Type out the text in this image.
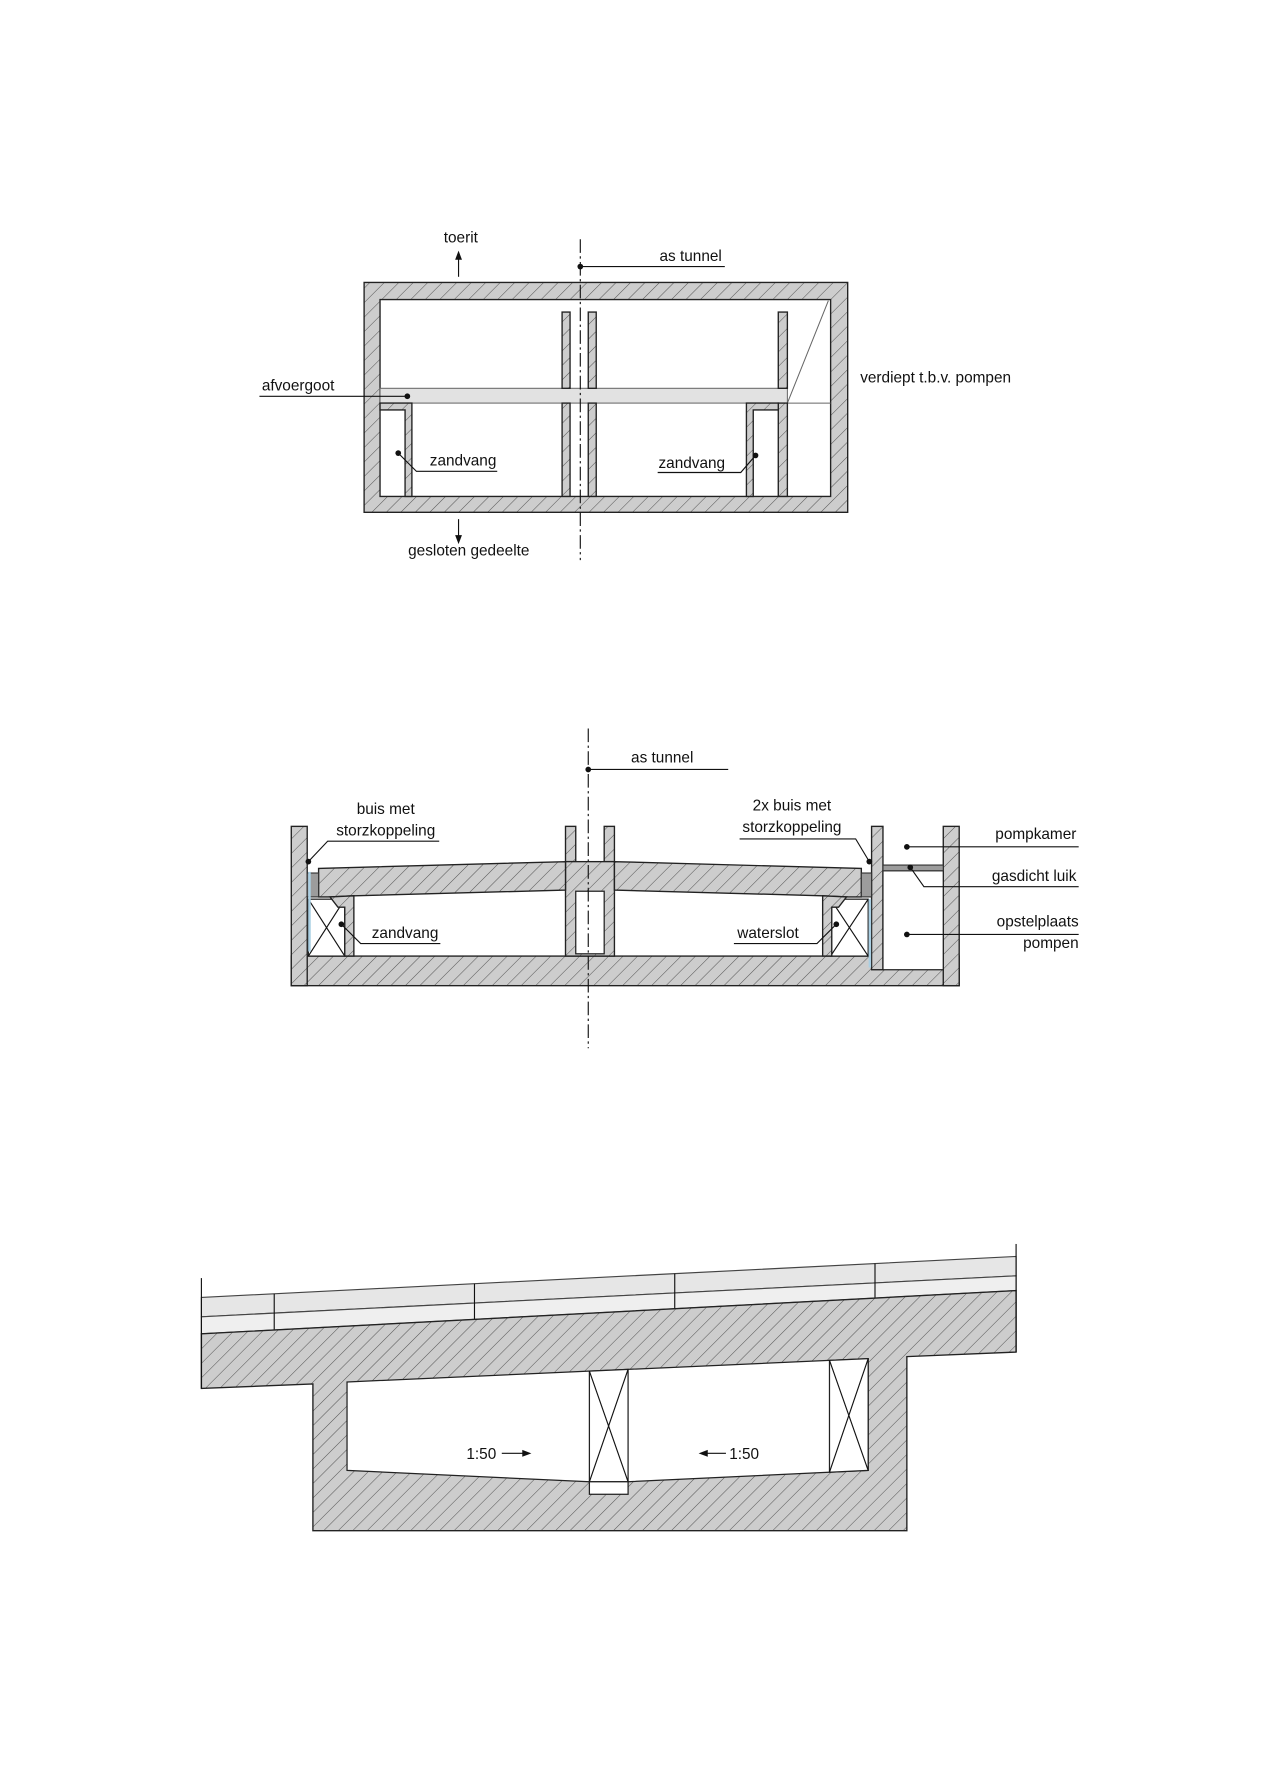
toerit
as tunnel
afvoergoot	verdiept t.b.v. pompen
zandvang	zandvang
gesloten gedeelte
as tunnel
buis met
storzkoppeling
2x buis met
storzkoppeling
zandvang	waterslot
pompkamer
gasdicht luik
opstelplaats
pompen
1:50	1:50
